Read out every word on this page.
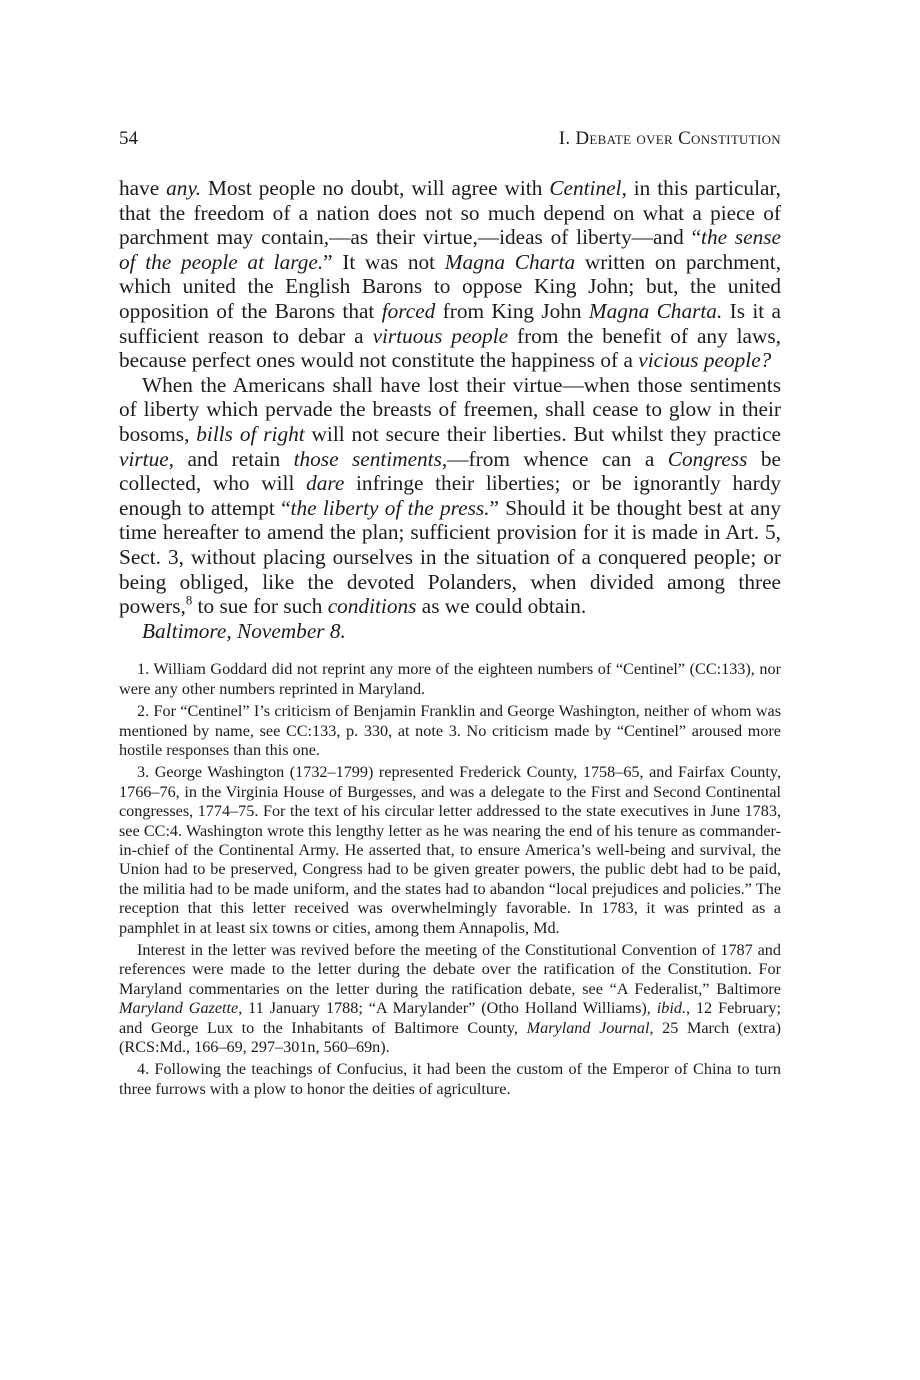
54	I. Debate over Constitution

have any. Most people no doubt, will agree with Centinel, in this particular, that the freedom of a nation does not so much depend on what a piece of parchment may contain,—as their virtue,—ideas of liberty—and “the sense of the people at large.” It was not Magna Charta written on parchment, which united the English Barons to oppose King John; but, the united opposition of the Barons that forced from King John Magna Charta. Is it a sufficient reason to debar a virtuous people from the benefit of any laws, because perfect ones would not constitute the happiness of a vicious people?

When the Americans shall have lost their virtue—when those sentiments of liberty which pervade the breasts of freemen, shall cease to glow in their bosoms, bills of right will not secure their liberties. But whilst they practice virtue, and retain those sentiments,—from whence can a Congress be collected, who will dare infringe their liberties; or be ignorantly hardy enough to attempt “the liberty of the press.” Should it be thought best at any time hereafter to amend the plan; sufficient provision for it is made in Art. 5, Sect. 3, without placing ourselves in the situation of a conquered people; or being obliged, like the devoted Polanders, when divided among three powers,$^8$ to sue for such conditions as we could obtain.

Baltimore, November 8.

1. William Goddard did not reprint any more of the eighteen numbers of “Centinel” (CC:133), nor were any other numbers reprinted in Maryland.

2. For “Centinel” I’s criticism of Benjamin Franklin and George Washington, neither of whom was mentioned by name, see CC:133, p. 330, at note 3. No criticism made by “Centinel” aroused more hostile responses than this one.

3. George Washington (1732–1799) represented Frederick County, 1758–65, and Fairfax County, 1766–76, in the Virginia House of Burgesses, and was a delegate to the First and Second Continental congresses, 1774–75. For the text of his circular letter addressed to the state executives in June 1783, see CC:4. Washington wrote this lengthy letter as he was nearing the end of his tenure as commander-in-chief of the Continental Army. He asserted that, to ensure America’s well-being and survival, the Union had to be preserved, Congress had to be given greater powers, the public debt had to be paid, the militia had to be made uniform, and the states had to abandon “local prejudices and policies.” The reception that this letter received was overwhelmingly favorable. In 1783, it was printed as a pamphlet in at least six towns or cities, among them Annapolis, Md.

Interest in the letter was revived before the meeting of the Constitutional Convention of 1787 and references were made to the letter during the debate over the ratification of the Constitution. For Maryland commentaries on the letter during the ratification debate, see “A Federalist,” Baltimore Maryland Gazette, 11 January 1788; “A Marylander” (Otho Holland Williams), ibid., 12 February; and George Lux to the Inhabitants of Baltimore County, Maryland Journal, 25 March (extra) (RCS:Md., 166–69, 297–301n, 560–69n).

4. Following the teachings of Confucius, it had been the custom of the Emperor of China to turn three furrows with a plow to honor the deities of agriculture.
